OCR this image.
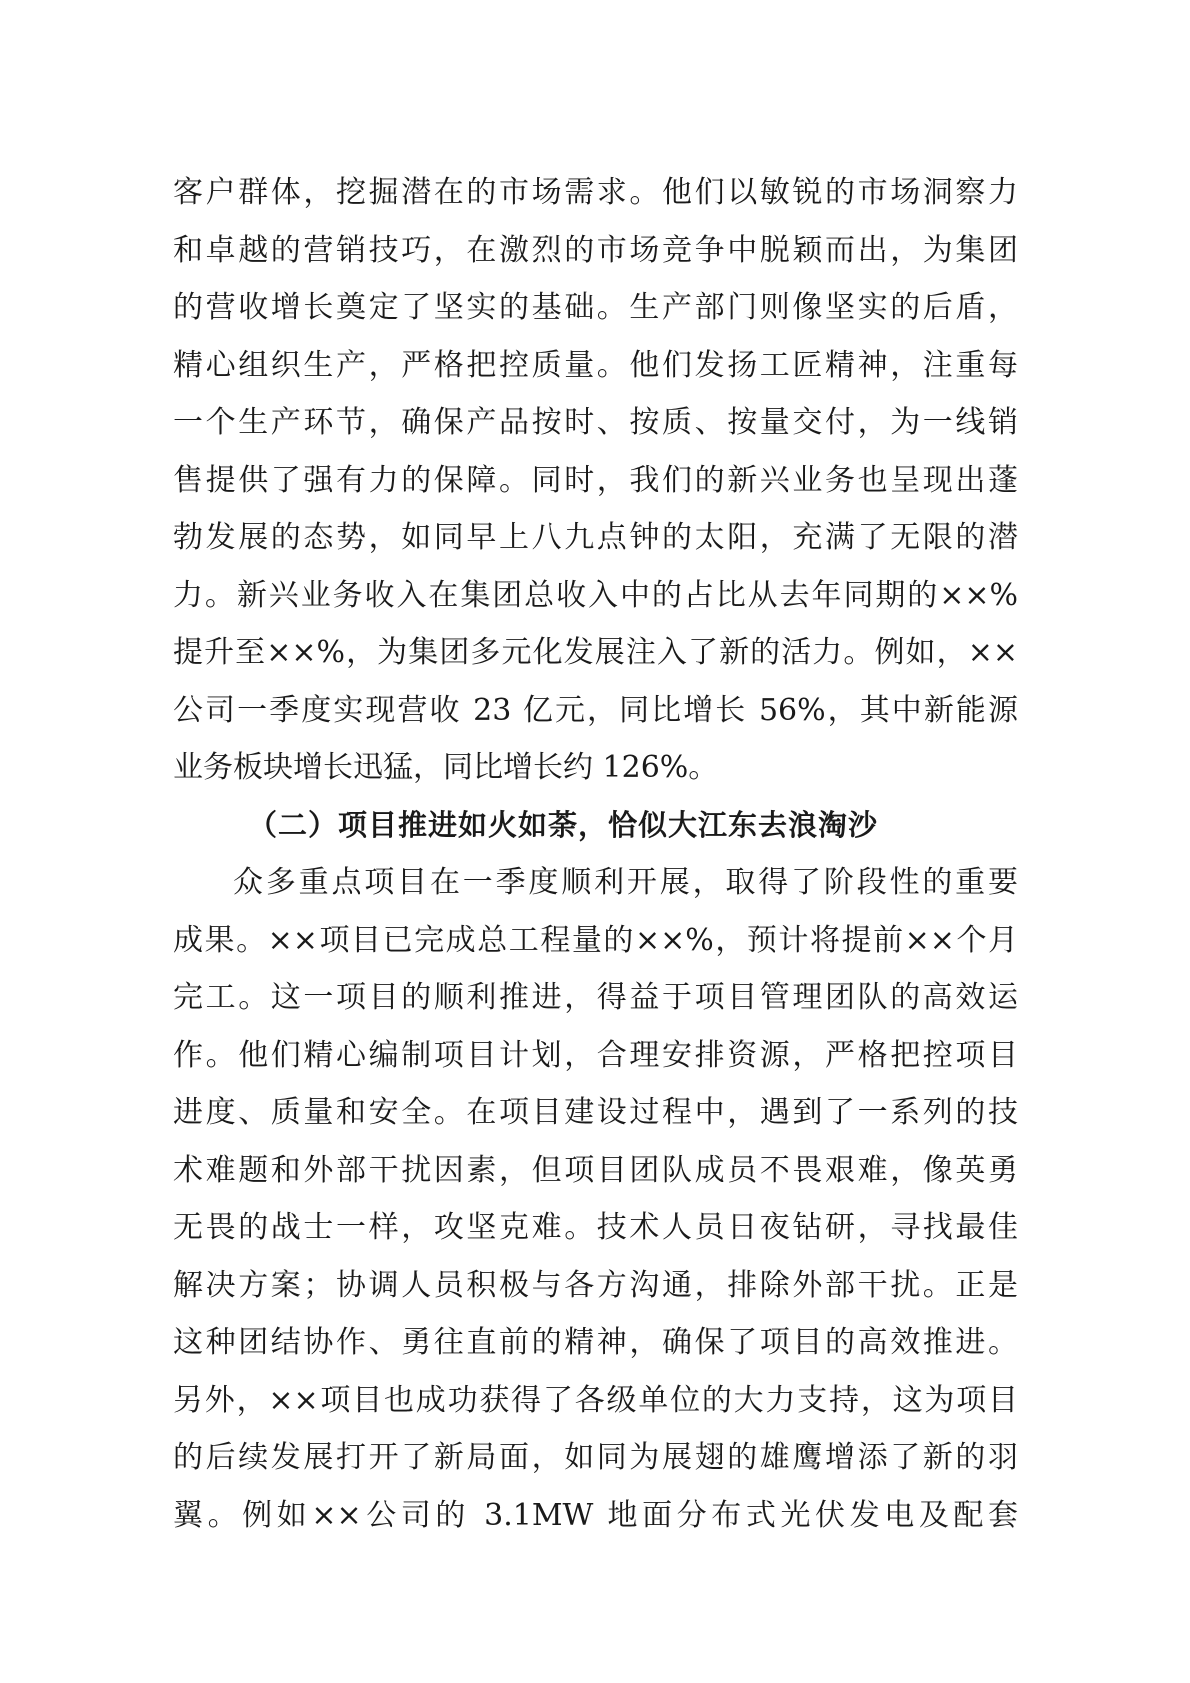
客户群体，挖掘潜在的市场需求。他们以敏锐的市场洞察力
和卓越的营销技巧，在激烈的市场竞争中脱颖而出，为集团
的营收增长奠定了坚实的基础。生产部门则像坚实的后盾，
精心组织生产，严格把控质量。他们发扬工匠精神，注重每
一个生产环节，确保产品按时、按质、按量交付，为一线销
售提供了强有力的保障。同时，我们的新兴业务也呈现出蓬
勃发展的态势，如同早上八九点钟的太阳，充满了无限的潜
力。新兴业务收入在集团总收入中的占比从去年同期的××%
提升至××%，为集团多元化发展注入了新的活力。例如，××
公司一季度实现营收 23 亿元，同比增长 56%，其中新能源
业务板块增长迅猛，同比增长约 126%。
（二）项目推进如火如荼，恰似大江东去浪淘沙
众多重点项目在一季度顺利开展，取得了阶段性的重要
成果。××项目已完成总工程量的××%，预计将提前××个月
完工。这一项目的顺利推进，得益于项目管理团队的高效运
作。他们精心编制项目计划，合理安排资源，严格把控项目
进度、质量和安全。在项目建设过程中，遇到了一系列的技
术难题和外部干扰因素，但项目团队成员不畏艰难，像英勇
无畏的战士一样，攻坚克难。技术人员日夜钻研，寻找最佳
解决方案；协调人员积极与各方沟通，排除外部干扰。正是
这种团结协作、勇往直前的精神，确保了项目的高效推进。
另外，××项目也成功获得了各级单位的大力支持，这为项目
的后续发展打开了新局面，如同为展翅的雄鹰增添了新的羽
翼。例如××公司的 3.1MW 地面分布式光伏发电及配套
